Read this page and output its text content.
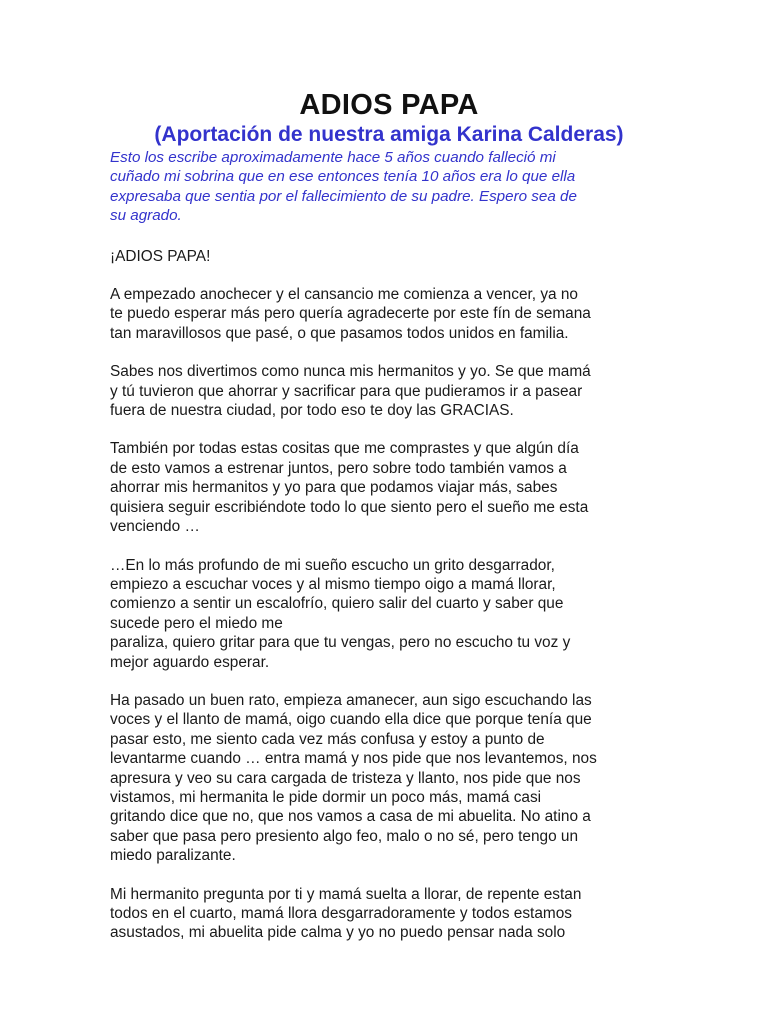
ADIOS PAPA
(Aportación de nuestra amiga Karina Calderas)

Esto los escribe aproximadamente hace 5 años cuando falleció mi
cuñado mi sobrina que en ese entonces tenía 10 años era lo que ella
expresaba que sentia por el fallecimiento de su padre. Espero sea de
su agrado.

¡ADIOS PAPA!

A empezado anochecer y el cansancio me comienza a vencer, ya no
te puedo esperar más pero quería agradecerte por este fín de semana
tan maravillosos que pasé, o que pasamos todos unidos en familia.

Sabes nos divertimos como nunca mis hermanitos y yo. Se que mamá
y tú tuvieron que ahorrar y sacrificar para que pudieramos ir a pasear
fuera de nuestra ciudad, por todo eso te doy las GRACIAS.

También por todas estas cositas que me comprastes y que algún día
de esto vamos a estrenar juntos, pero sobre todo también vamos a
ahorrar mis hermanitos y yo para que podamos viajar más, sabes
quisiera seguir escribiéndote todo lo que siento pero el sueño me esta
venciendo …

…En lo más profundo de mi sueño escucho un grito desgarrador,
empiezo a escuchar voces y al mismo tiempo oigo a mamá llorar,
comienzo a sentir un escalofrío, quiero salir del cuarto y saber que
sucede pero el miedo me
paraliza, quiero gritar para que tu vengas, pero no escucho tu voz y
mejor aguardo esperar.

Ha pasado un buen rato, empieza amanecer, aun sigo escuchando las
voces y el llanto de mamá, oigo cuando ella dice que porque tenía que
pasar esto, me siento cada vez más confusa y estoy a punto de
levantarme cuando … entra mamá y nos pide que nos levantemos, nos
apresura y veo su cara cargada de tristeza y llanto, nos pide que nos
vistamos, mi hermanita le pide dormir un poco más, mamá casi
gritando dice que no, que nos vamos a casa de mi abuelita. No atino a
saber que pasa pero presiento algo feo, malo o no sé, pero tengo un
miedo paralizante.

Mi hermanito pregunta por ti y mamá suelta a llorar, de repente estan
todos en el cuarto, mamá llora desgarradoramente y todos estamos
asustados, mi abuelita pide calma y yo no puedo pensar nada solo
